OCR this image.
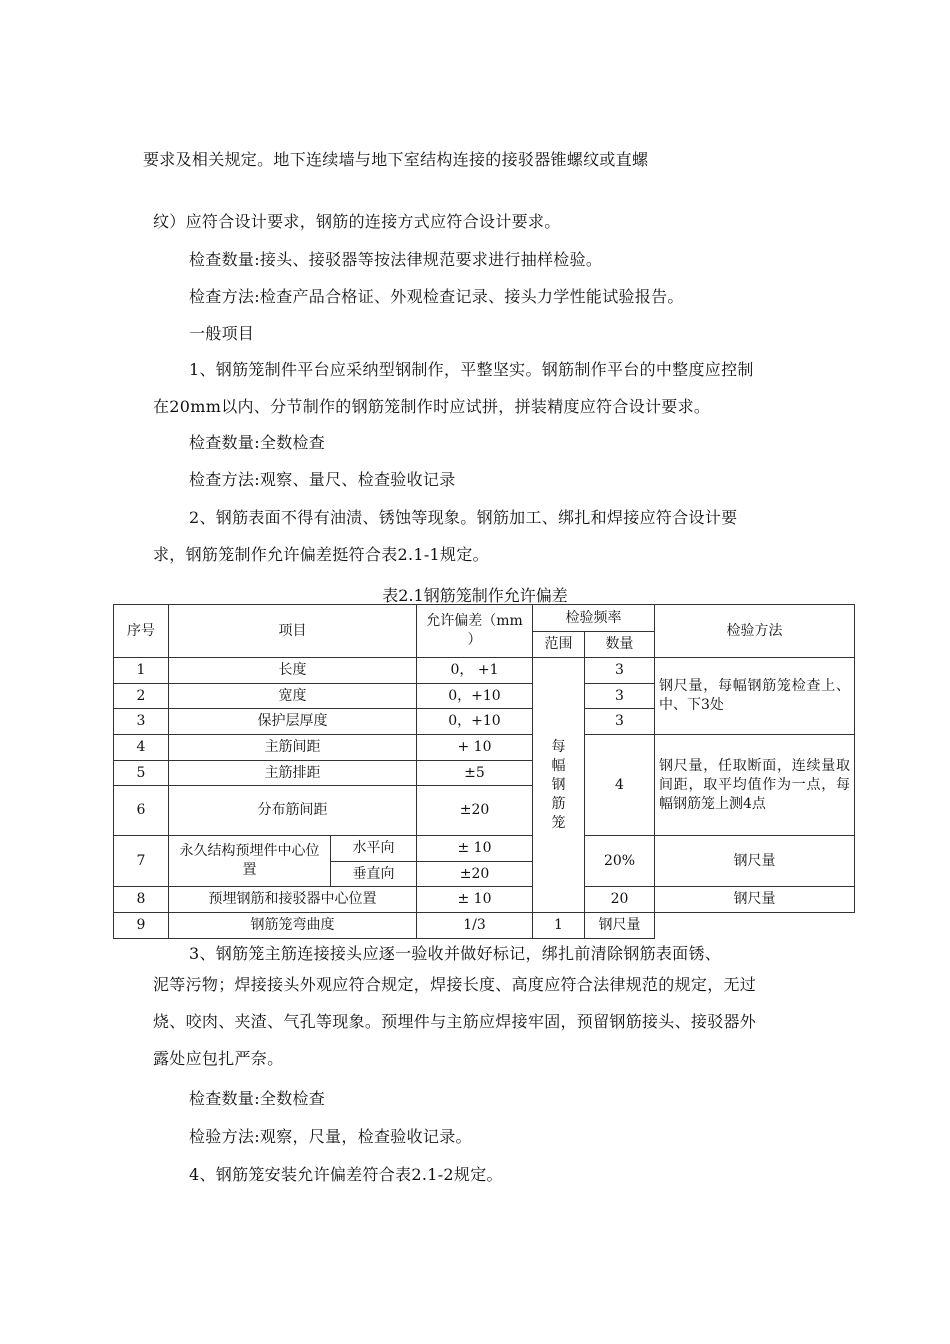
要求及相关规定。地下连续墙与地下室结构连接的接驳器锥螺纹或直螺
纹）应符合设计要求，钢筋的连接方式应符合设计要求。
检查数量:接头、接驳器等按法律规范要求进行抽样检验。
检查方法:检查产品合格证、外观检查记录、接头力学性能试验报告。
一般项目
1、钢筋笼制件平台应采纳型钢制作，平整坚实。钢筋制作平台的中整度应控制
在20mm以内、分节制作的钢筋笼制作时应试拼，拼装精度应符合设计要求。
检查数量:全数检查
检查方法:观察、量尺、检查验收记录
2、钢筋表面不得有油渍、锈蚀等现象。钢筋加工、绑扎和焊接应符合设计要
求，钢筋笼制作允许偏差挺符合表2.1-1规定。
表2.1钢筋笼制作允许偏差
序号	项目		允许偏差（mm ）	检验频率		检验方法
				范围	数量	
1	长度		0， +1	每幅钢筋笼	3	钢尺量，每幅钢筋笼检查上、中、下3处
2	宽度		0，+10		3	
3	保护层厚度		0，+10		3	
4	主筋间距		+ 10		4	钢尺量，任取断面，连续量取间距，取平均值作为一点，每幅钢筋笼上测4点
5	主筋排距		±5			
6	分布筋间距		±20			
7	永久结构预埋件中心位置	水平向	± 10		20%	钢尺量
		垂直向	±20			
8	预埋钢筋和接驳器中心位置		± 10		20	钢尺量
9	钢筋笼弯曲度		1/3	1	钢尺量	
3、钢筋笼主筋连接接头应逐一验收并做好标记，绑扎前清除钢筋表面锈、
泥等污物；焊接接头外观应符合规定，焊接长度、高度应符合法律规范的规定，无过
烧、咬肉、夹渣、气孔等现象。预埋件与主筋应焊接牢固，预留钢筋接头、接驳器外
露处应包扎严奈。
检查数量:全数检查
检验方法:观察，尺量，检查验收记录。
4、钢筋笼安装允许偏差符合表2.1-2规定。
